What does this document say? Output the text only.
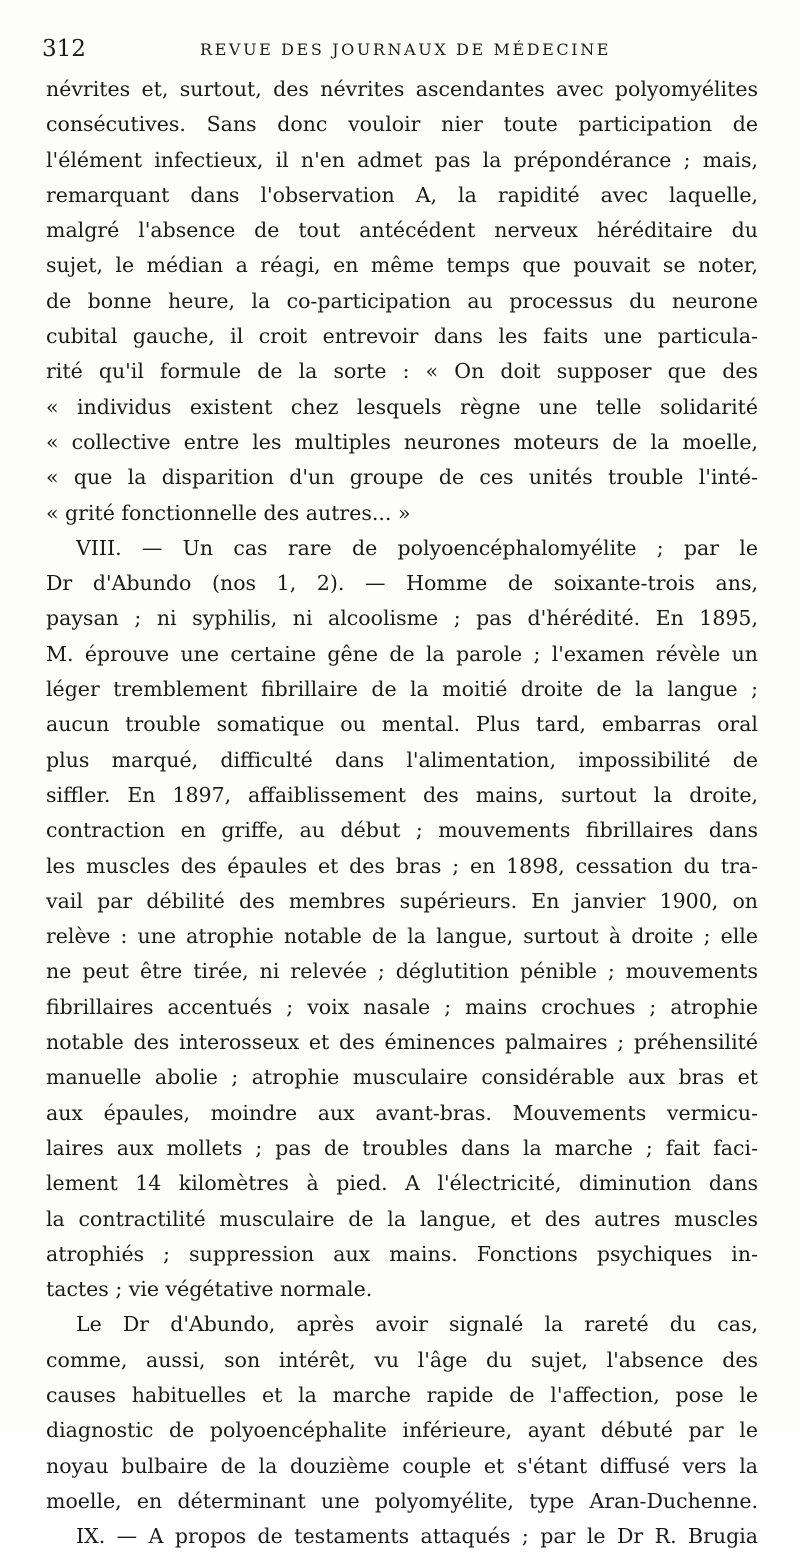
312	REVUE DES JOURNAUX DE MÉDECINE
névrites et, surtout, des névrites ascendantes avec polyomyélites
consécutives. Sans donc vouloir nier toute participation de
l'élément infectieux, il n'en admet pas la prépondérance ; mais,
remarquant dans l'observation A, la rapidité avec laquelle,
malgré l'absence de tout antécédent nerveux héréditaire du
sujet, le médian a réagi, en même temps que pouvait se noter,
de bonne heure, la co-participation au processus du neurone
cubital gauche, il croit entrevoir dans les faits une particula-
rité qu'il formule de la sorte : « On doit supposer que des
« individus existent chez lesquels règne une telle solidarité
« collective entre les multiples neurones moteurs de la moelle,
« que la disparition d'un groupe de ces unités trouble l'inté-
« grité fonctionnelle des autres... »
VIII. — Un cas rare de polyoencéphalomyélite ; par le
Dr d'Abundo (nos 1, 2). — Homme de soixante-trois ans,
paysan ; ni syphilis, ni alcoolisme ; pas d'hérédité. En 1895,
M. éprouve une certaine gêne de la parole ; l'examen révèle un
léger tremblement fibrillaire de la moitié droite de la langue ;
aucun trouble somatique ou mental. Plus tard, embarras oral
plus marqué, difficulté dans l'alimentation, impossibilité de
siffler. En 1897, affaiblissement des mains, surtout la droite,
contraction en griffe, au début ; mouvements fibrillaires dans
les muscles des épaules et des bras ; en 1898, cessation du tra-
vail par débilité des membres supérieurs. En janvier 1900, on
relève : une atrophie notable de la langue, surtout à droite ; elle
ne peut être tirée, ni relevée ; déglutition pénible ; mouvements
fibrillaires accentués ; voix nasale ; mains crochues ; atrophie
notable des interosseux et des éminences palmaires ; préhensilité
manuelle abolie ; atrophie musculaire considérable aux bras et
aux épaules, moindre aux avant-bras. Mouvements vermicu-
laires aux mollets ; pas de troubles dans la marche ; fait faci-
lement 14 kilomètres à pied. A l'électricité, diminution dans
la contractilité musculaire de la langue, et des autres muscles
atrophiés ; suppression aux mains. Fonctions psychiques in-
tactes ; vie végétative normale.
Le Dr d'Abundo, après avoir signalé la rareté du cas,
comme, aussi, son intérêt, vu l'âge du sujet, l'absence des
causes habituelles et la marche rapide de l'affection, pose le
diagnostic de polyoencéphalite inférieure, ayant débuté par le
noyau bulbaire de la douzième couple et s'étant diffusé vers la
moelle, en déterminant une polyomyélite, type Aran-Duchenne.
IX. — A propos de testaments attaqués ; par le Dr R. Brugia
